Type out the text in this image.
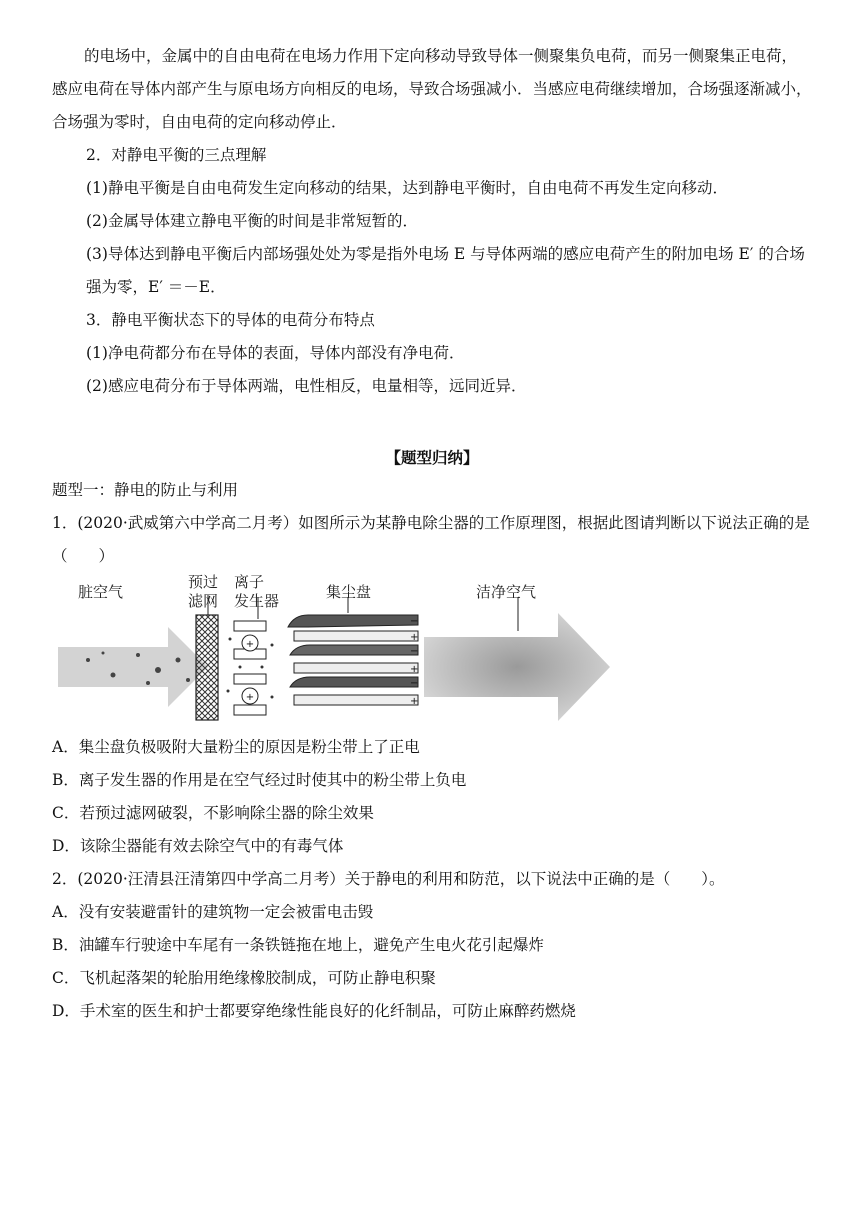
的电场中，金属中的自由电荷在电场力作用下定向移动导致导体一侧聚集负电荷，而另一侧聚集正电荷，感应电荷在导体内部产生与原电场方向相反的电场，导致合场强减小．当感应电荷继续增加，合场强逐渐减小，合场强为零时，自由电荷的定向移动停止．

2．对静电平衡的三点理解

(1)静电平衡是自由电荷发生定向移动的结果，达到静电平衡时，自由电荷不再发生定向移动．

(2)金属导体建立静电平衡的时间是非常短暂的．

(3)导体达到静电平衡后内部场强处处为零是指外电场 E 与导体两端的感应电荷产生的附加电场 E′ 的合场强为零，E′ ＝－E．

3．静电平衡状态下的导体的电荷分布特点

(1)净电荷都分布在导体的表面，导体内部没有净电荷．

(2)感应电荷分布于导体两端，电性相反，电量相等，远同近异．

【题型归纳】

题型一：静电的防止与利用

1．(2020·武威第六中学高二月考）如图所示为某静电除尘器的工作原理图，根据此图请判断以下说法正确的是（　　）

+
+
−
+
−
+
−
+
脏空气
预过
滤网
离子
发生器	集尘盘	洁净空气

A．集尘盘负极吸附大量粉尘的原因是粉尘带上了正电

B．离子发生器的作用是在空气经过时使其中的粉尘带上负电

C．若预过滤网破裂，不影响除尘器的除尘效果

D．该除尘器能有效去除空气中的有毒气体

2．(2020·汪清县汪清第四中学高二月考）关于静电的利用和防范，以下说法中正确的是（　　）。

A．没有安装避雷针的建筑物一定会被雷电击毁

B．油罐车行驶途中车尾有一条铁链拖在地上，避免产生电火花引起爆炸

C．飞机起落架的轮胎用绝缘橡胶制成，可防止静电积聚

D．手术室的医生和护士都要穿绝缘性能良好的化纤制品，可防止麻醉药燃烧
